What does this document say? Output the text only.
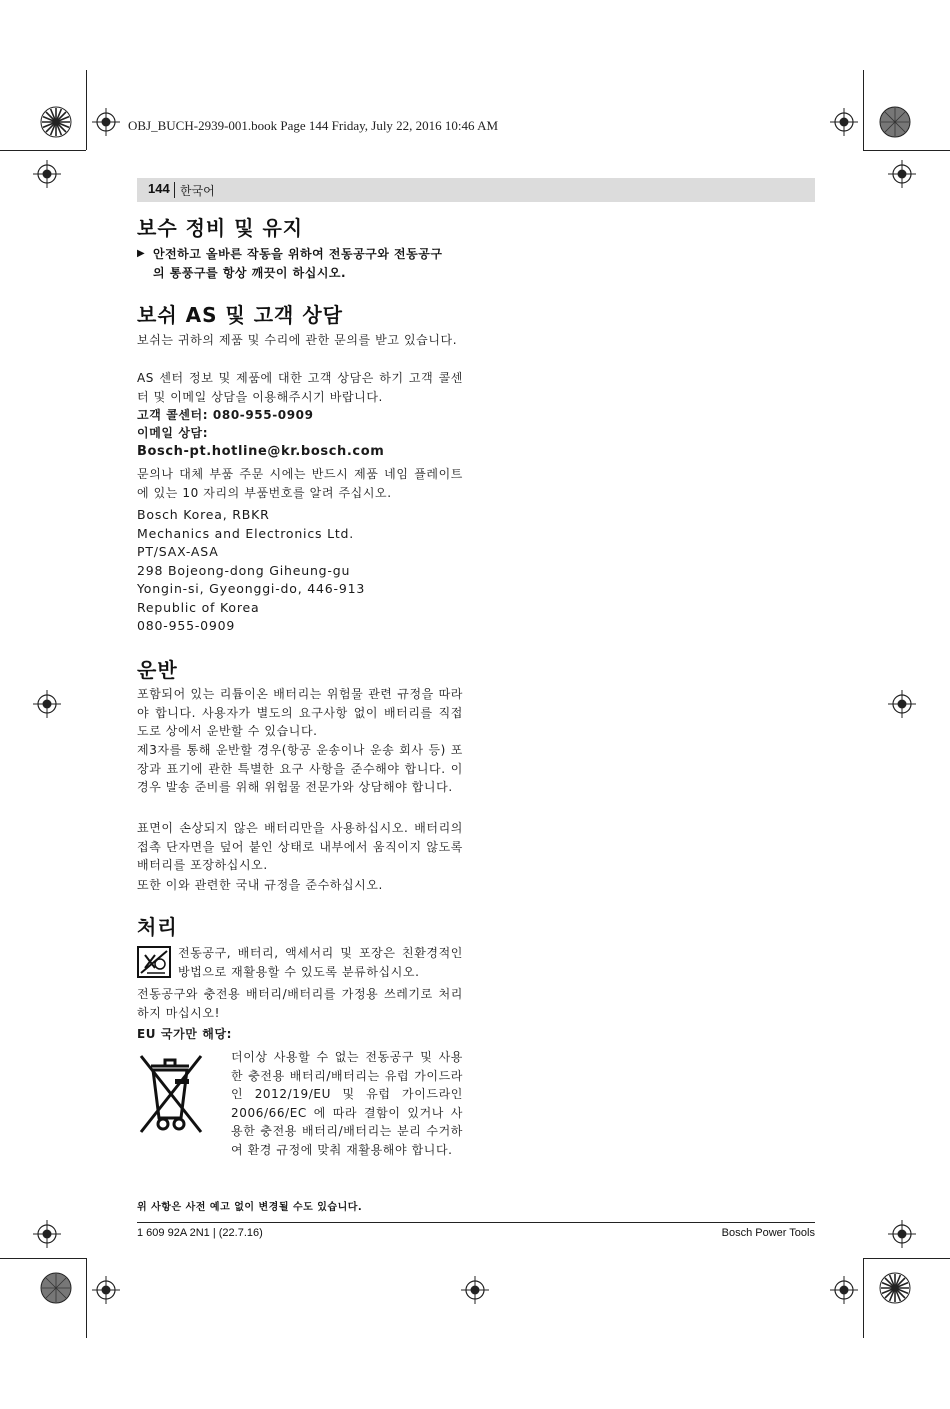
OBJ_BUCH-2939-001.book Page 144 Friday, July 22, 2016 10:46 AM
144 한국어
보수 정비 및 유지
▶ 안전하고 올바른 작동을 위하여 전동공구와 전동공구
의 통풍구를 항상 깨끗이 하십시오.
보쉬 AS 및 고객 상담
보쉬는 귀하의 제품 및 수리에 관한 문의를 받고 있습니다.
AS 센터 정보 및 제품에 대한 고객 상담은 하기 고객 콜센터 및 이메일 상담을 이용해주시기 바랍니다.
고객 콜센터: 080-955-0909
이메일 상담:
Bosch-pt.hotline@kr.bosch.com
문의나 대체 부품 주문 시에는 반드시 제품 네임 플레이트에 있는 10 자리의 부품번호를 알려 주십시오.
Bosch Korea, RBKR
Mechanics and Electronics Ltd.
PT/SAX-ASA
298 Bojeong-dong Giheung-gu
Yongin-si, Gyeonggi-do, 446-913
Republic of Korea
080-955-0909
운반
포함되어 있는 리튬이온 배터리는 위험물 관련 규정을 따라야 합니다. 사용자가 별도의 요구사항 없이 배터리를 직접 도로 상에서 운반할 수 있습니다.
제3자를 통해 운반할 경우(항공 운송이나 운송 회사 등) 포장과 표기에 관한 특별한 요구 사항을 준수해야 합니다. 이 경우 발송 준비를 위해 위험물 전문가와 상담해야 합니다.
표면이 손상되지 않은 배터리만을 사용하십시오. 배터리의 접촉 단자면을 덮어 붙인 상태로 내부에서 움직이지 않도록 배터리를 포장하십시오.
또한 이와 관련한 국내 규정을 준수하십시오.
처리
전동공구, 배터리, 액세서리 및 포장은 친환경적인 방법으로 재활용할 수 있도록 분류하십시오.
전동공구와 충전용 배터리/배터리를 가정용 쓰레기로 처리하지 마십시오!
EU 국가만 해당:
더이상 사용할 수 없는 전동공구 및 사용한 충전용 배터리/배터리는 유럽 가이드라인 2012/19/EU 및 유럽 가이드라인 2006/66/EC 에 따라 결함이 있거나 사용한 충전용 배터리/배터리는 분리 수거하여 환경 규정에 맞춰 재활용해야 합니다.
위 사항은 사전 예고 없이 변경될 수도 있습니다.
1 609 92A 2N1 | (22.7.16)	Bosch Power Tools
